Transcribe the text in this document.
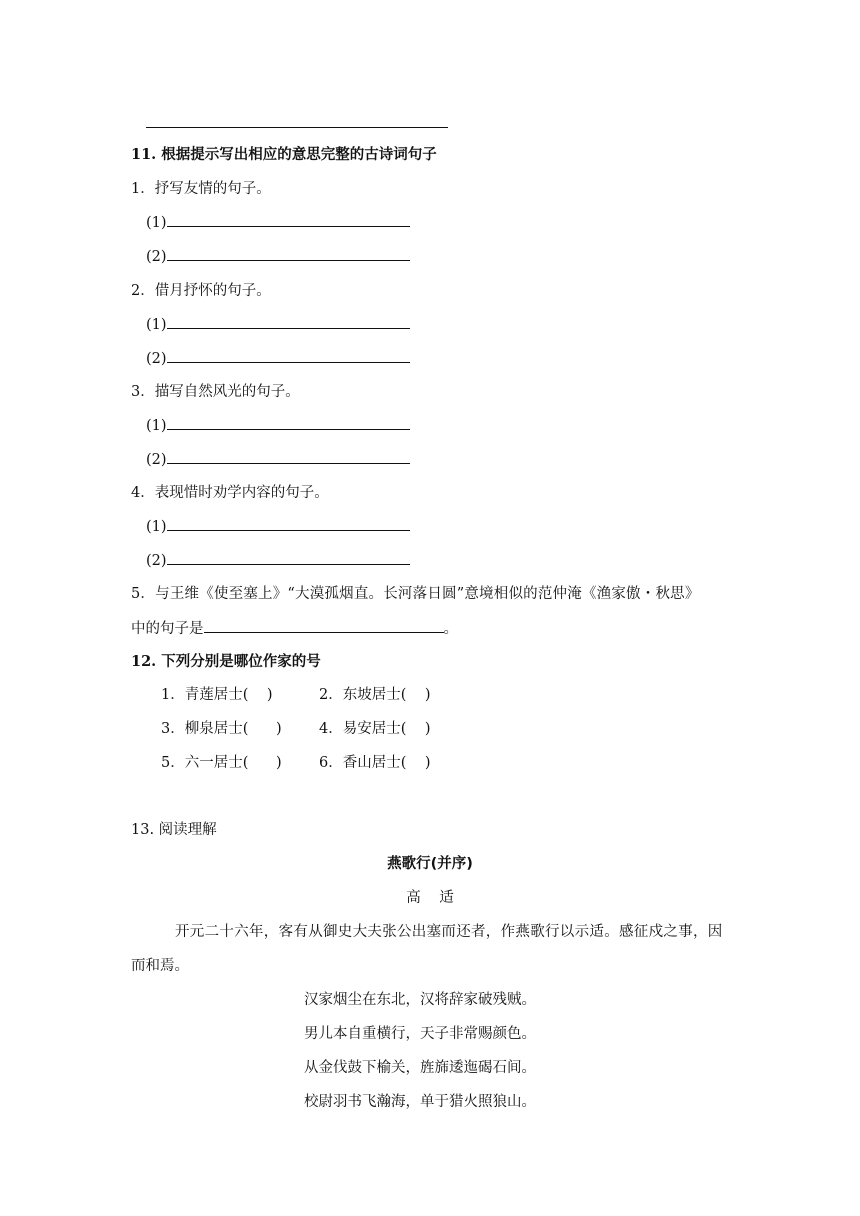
11. 根据提示写出相应的意思完整的古诗词句子
1．抒写友情的句子。
(1)
(2)
2．借月抒怀的句子。
(1)
(2)
3．描写自然风光的句子。
(1)
(2)
4．表现惜时劝学内容的句子。
(1)
(2)
5．与王维《使至塞上》“大漠孤烟直。长河落日圆”意境相似的范仲淹《渔家傲・秋思》
中的句子是	。
12. 下列分别是哪位作家的号
1．青莲居士(    )	2．东坡居士(    )
3．柳泉居士(      )	4．易安居士(    )
5．六一居士(      )	6．香山居士(    )
13. 阅读理解
燕歌行(并序)
高    适
开元二十六年，客有从御史大夫张公出塞而还者，作燕歌行以示适。感征戍之事，因
而和焉。
汉家烟尘在东北，汉将辞家破残贼。
男儿本自重横行，天子非常赐颜色。
从金伐鼓下榆关，旌旆逶迤碣石间。
校尉羽书飞瀚海，单于猎火照狼山。
